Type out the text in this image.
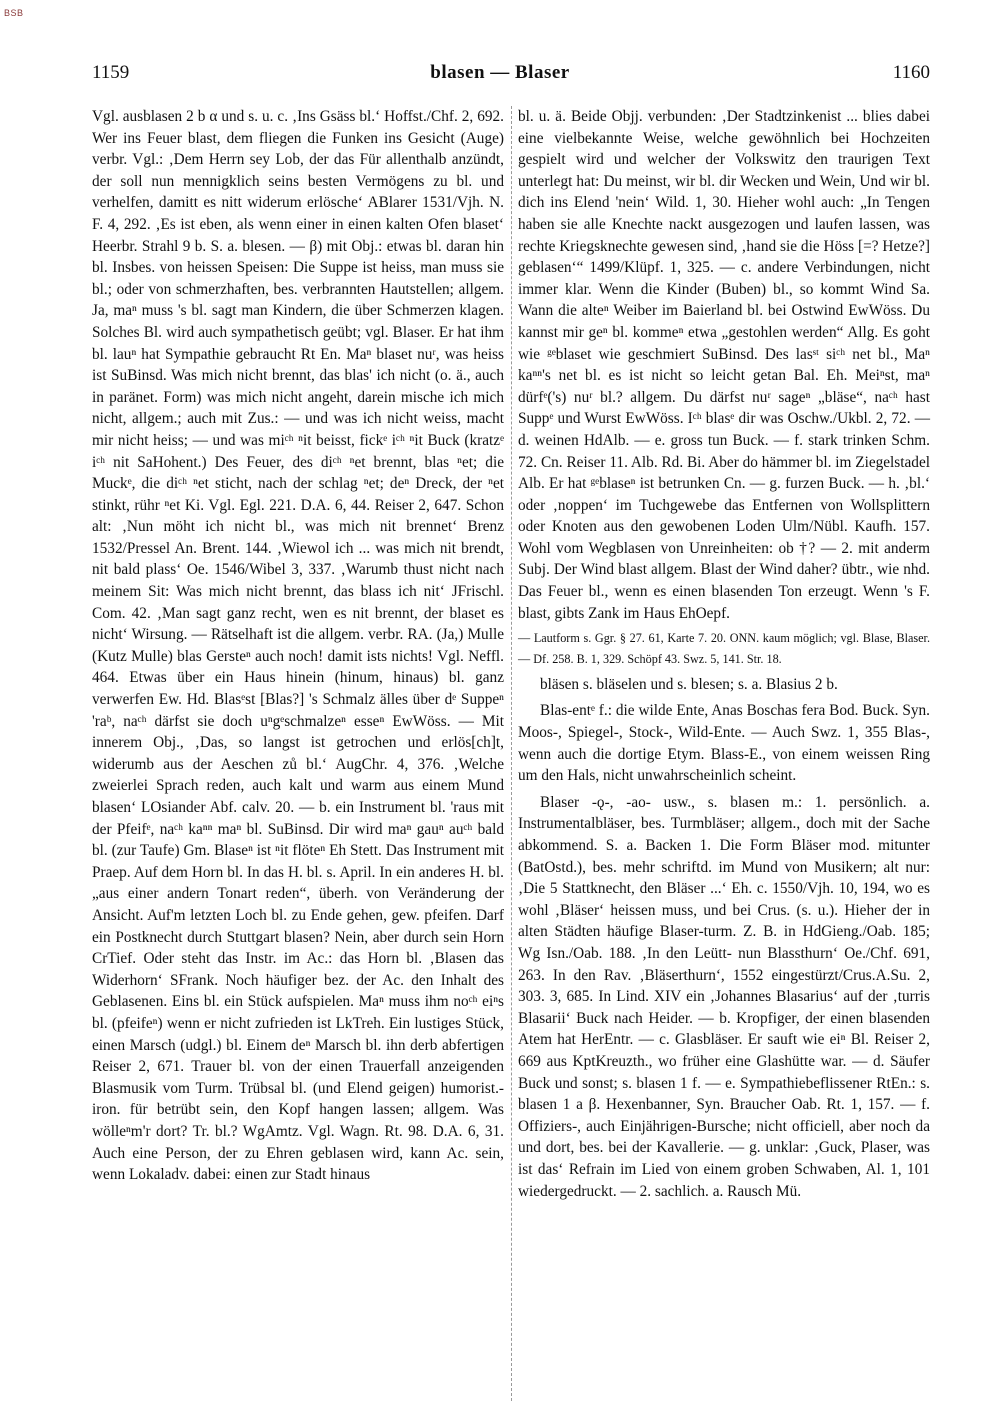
BSB
1159	blasen — Blaser	1160

Vgl. ausblasen 2 b α und s. u. c. ‚Ins Gsäss bl.‘ Hoffst./Chf. 2, 692. Wer ins Feuer blast, dem fliegen die Funken ins Gesicht (Auge) verbr. Vgl.: ‚Dem Herrn sey Lob, der das Für allenthalb anzündt, der soll nun mennigklich seins besten Vermögens zu bl. und verhelfen, damitt es nitt widerum erlösche‘ ABlarer 1531/Vjh. N. F. 4, 292. ‚Es ist eben, als wenn einer in einen kalten Ofen blaset‘ Heerbr. Strahl 9 b. S. a. blesen. — β) mit Obj.: etwas bl. daran hin bl. Insbes. von heissen Speisen: Die Suppe ist heiss, man muss sie bl.; oder von schmerzhaften, bes. verbrannten Hautstellen; allgem. Ja, maⁿ muss 's bl. sagt man Kindern, die über Schmerzen klagen. Solches Bl. wird auch sympathetisch geübt; vgl. Blaser. Er hat ihm bl. lauⁿ hat Sympathie gebraucht Rt En. Maⁿ blaset nuʳ, was heiss ist SuBinsd. Was mich nicht brennt, das blas' ich nicht (o. ä., auch in paränet. Form) was mich nicht angeht, darein mische ich mich nicht, allgem.; auch mit Zus.: — und was ich nicht weiss, macht mir nicht heiss; — und was miᶜʰ ⁿit beisst, fickᵉ iᶜʰ ⁿit Buck (kratzᵉ iᶜʰ nit SaHohent.) Des Feuer, des diᶜʰ ⁿet brennt, blas ⁿet; die Muckᵉ, die diᶜʰ ⁿet sticht, nach der schlag ⁿet; deⁿ Dreck, der ⁿet stinkt, rühr ⁿet Ki. Vgl. Egl. 221. D.A. 6, 44. Reiser 2, 647. Schon alt: ‚Nun möht ich nicht bl., was mich nit brennet‘ Brenz 1532/Pressel An. Brent. 144. ‚Wiewol ich ... was mich nit brendt, nit bald plass‘ Oe. 1546/Wibel 3, 337. ‚Warumb thust nicht nach meinem Sit: Was mich nicht brennt, das blass ich nit‘ JFrischl. Com. 42. ‚Man sagt ganz recht, wen es nit brennt, der blaset es nicht‘ Wirsung. — Rätselhaft ist die allgem. verbr. RA. (Ja,) Mulle (Kutz Mulle) blas Gersteⁿ auch noch! damit ists nichts! Vgl. Neffl. 464. Etwas über ein Haus hinein (hinum, hinaus) bl. ganz verwerfen Ew. Hd. Blasᵉst [Blas?] 's Schmalz älles über dᵉ Suppeⁿ 'raᵇ, naᶜʰ därfst sie doch uⁿgᵉschmalzeⁿ esseⁿ EwWöss. — Mit innerem Obj., ‚Das, so langst ist getrochen und erlös[ch]t, widerumb aus der Aeschen zů bl.‘ AugChr. 4, 376. ‚Welche zweierlei Sprach reden, auch kalt und warm aus einem Mund blasen‘ LOsiander Abf. calv. 20. — b. ein Instrument bl. 'raus mit der Pfeifᵉ, naᶜʰ kaⁿⁿ maⁿ bl. SuBinsd. Dir wird maⁿ gauⁿ auᶜʰ bald bl. (zur Taufe) Gm. Blaseⁿ ist ⁿit flöteⁿ Eh Stett. Das Instrument mit Praep. Auf dem Horn bl. In das H. bl. s. April. In ein anderes H. bl. „aus einer andern Tonart reden“, überh. von Veränderung der Ansicht. Auf'm letzten Loch bl. zu Ende gehen, gew. pfeifen. Darf ein Postknecht durch Stuttgart blasen? Nein, aber durch sein Horn CrTief. Oder steht das Instr. im Ac.: das Horn bl. ‚Blasen das Widerhorn‘ SFrank. Noch häufiger bez. der Ac. den Inhalt des Geblasenen. Eins bl. ein Stück aufspielen. Maⁿ muss ihm noᶜʰ eiⁿs bl. (pfeifeⁿ) wenn er nicht zufrieden ist LkTreh. Ein lustiges Stück, einen Marsch (udgl.) bl. Einem deⁿ Marsch bl. ihn derb abfertigen Reiser 2, 671. Trauer bl. von der einen Trauerfall anzeigenden Blasmusik vom Turm. Trübsal bl. (und Elend geigen) humorist.-iron. für betrübt sein, den Kopf hangen lassen; allgem. Was wölleⁿm'r dort? Tr. bl.? WgAmtz. Vgl. Wagn. Rt. 98. D.A. 6, 31. Auch eine Person, der zu Ehren geblasen wird, kann Ac. sein, wenn Lokaladv. dabei: einen zur Stadt hinaus

bl. u. ä. Beide Objj. verbunden: ‚Der Stadtzinkenist ... blies dabei eine vielbekannte Weise, welche gewöhnlich bei Hochzeiten gespielt wird und welcher der Volkswitz den traurigen Text unterlegt hat: Du meinst, wir bl. dir Wecken und Wein, Und wir bl. dich ins Elend 'nein‘ Wild. 1, 30. Hieher wohl auch: „In Tengen haben sie alle Knechte nackt ausgezogen und laufen lassen, was rechte Kriegsknechte gewesen sind, ‚hand sie die Höss [=? Hetze?] geblasen‘“ 1499/Klüpf. 1, 325. — c. andere Verbindungen, nicht immer klar. Wenn die Kinder (Buben) bl., so kommt Wind Sa. Wann die alteⁿ Weiber im Baierland bl. bei Ostwind EwWöss. Du kannst mir geⁿ bl. kommeⁿ etwa „gestohlen werden“ Allg. Es goht wie ᵍᵉblaset wie geschmiert SuBinsd. Des lasˢᵗ siᶜʰ net bl., Maⁿ kaⁿⁿ's net bl. es ist nicht so leicht getan Bal. Eh. Meiⁿst, maⁿ dürfᵉ('s) nuʳ bl.? allgem. Du därfst nuʳ sageⁿ „bläse“, naᶜʰ hast Suppᵉ und Wurst EwWöss. Iᶜʰ blasᵉ dir was Oschw./Ukbl. 2, 72. — d. weinen HdAlb. — e. gross tun Buck. — f. stark trinken Schm. 72. Cn. Reiser 11. Alb. Rd. Bi. Aber do hämmer bl. im Ziegelstadel Alb. Er hat ᵍᵉblaseⁿ ist betrunken Cn. — g. furzen Buck. — h. ‚bl.‘ oder ‚noppen‘ im Tuchgewebe das Entfernen von Wollsplittern oder Knoten aus den gewobenen Loden Ulm/Nübl. Kaufh. 157. Wohl vom Wegblasen von Unreinheiten: ob †? — 2. mit anderm Subj. Der Wind blast allgem. Blast der Wind daher? übtr., wie nhd. Das Feuer bl., wenn es einen blasenden Ton erzeugt. Wenn 's F. blast, gibts Zank im Haus EhOepf.

— Lautform s. Ggr. § 27. 61, Karte 7. 20. ONN. kaum möglich; vgl. Blase, Blaser. — Df. 258. B. 1, 329. Schöpf 43. Swz. 5, 141. Str. 18.

bläsen s. bläselen und s. blesen; s. a. Blasius 2 b.

Blas-entᵉ f.: die wilde Ente, Anas Boschas fera Bod. Buck. Syn. Moos-, Spiegel-, Stock-, Wild-Ente. — Auch Swz. 1, 355 Blas-, wenn auch die dortige Etym. Blass-E., von einem weissen Ring um den Hals, nicht unwahrscheinlich scheint.

Blaser -ǫ-, -ao- usw., s. blasen m.: 1. persönlich. a. Instrumentalbläser, bes. Turmbläser; allgem., doch mit der Sache abkommend. S. a. Backen 1. Die Form Bläser mod. mitunter (BatOstd.), bes. mehr schriftd. im Mund von Musikern; alt nur: ‚Die 5 Stattknecht, den Bläser ...‘ Eh. c. 1550/Vjh. 10, 194, wo es wohl ‚Bläser‘ heissen muss, und bei Crus. (s. u.). Hieher der in alten Städten häufige Blaser-turm. Z. B. in HdGieng./Oab. 185; Wg Isn./Oab. 188. ‚In den Leütt- nun Blassthurn‘ Oe./Chf. 691, 263. In den Rav. ‚Bläserthurn‘, 1552 eingestürzt/Crus.A.Su. 2, 303. 3, 685. In Lind. XIV ein ‚Johannes Blasarius‘ auf der ‚turris Blasarii‘ Buck nach Heider. — b. Kropfiger, der einen blasenden Atem hat HerEntr. — c. Glasbläser. Er sauft wie eiⁿ Bl. Reiser 2, 669 aus KptKreuzth., wo früher eine Glashütte war. — d. Säufer Buck und sonst; s. blasen 1 f. — e. Sympathiebeflissener RtEn.: s. blasen 1 a β. Hexenbanner, Syn. Braucher Oab. Rt. 1, 157. — f. Offiziers-, auch Einjährigen-Bursche; nicht officiell, aber noch da und dort, bes. bei der Kavallerie. — g. unklar: ‚Guck, Plaser, was ist das‘ Refrain im Lied von einem groben Schwaben, Al. 1, 101 wiedergedruckt. — 2. sachlich. a. Rausch Mü.
